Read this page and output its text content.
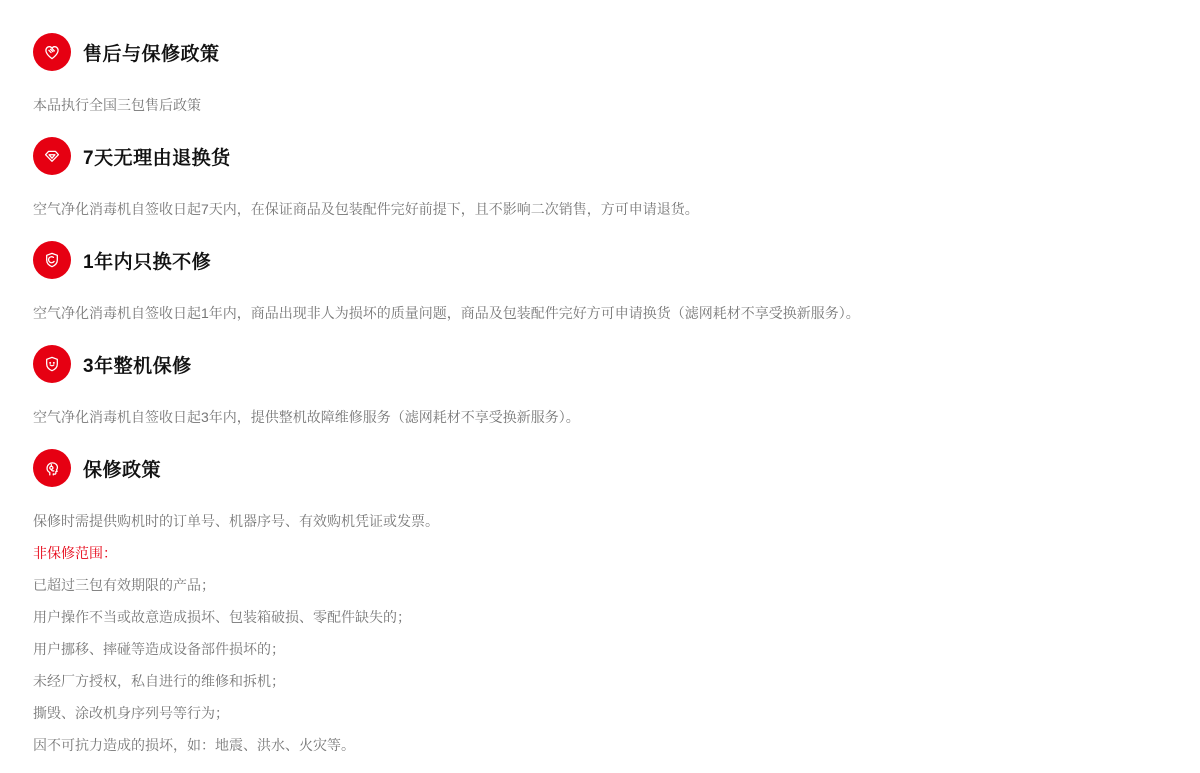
售后与保修政策

本品执行全国三包售后政策

7天无理由退换货

空气净化消毒机自签收日起7天内，在保证商品及包装配件完好前提下，且不影响二次销售，方可申请退货。

1年内只换不修

空气净化消毒机自签收日起1年内，商品出现非人为损坏的质量问题，商品及包装配件完好方可申请换货（滤网耗材不享受换新服务）。

3年整机保修

空气净化消毒机自签收日起3年内，提供整机故障维修服务（滤网耗材不享受换新服务）。

保修政策

保修时需提供购机时的订单号、机器序号、有效购机凭证或发票。

非保修范围：

已超过三包有效期限的产品；

用户操作不当或故意造成损坏、包装箱破损、零配件缺失的；

用户挪移、摔碰等造成设备部件损坏的；

未经厂方授权，私自进行的维修和拆机；

撕毁、涂改机身序列号等行为；

因不可抗力造成的损坏，如：地震、洪水、火灾等。
